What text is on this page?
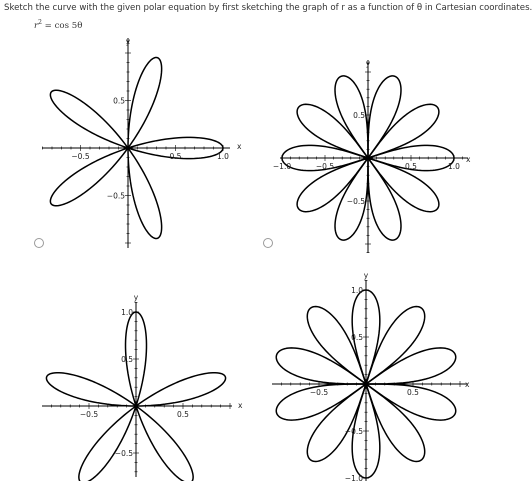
Sketch the curve with the given polar equation by first sketching the graph of r as a function of θ in Cartesian coordinates.
$r^2 = \cos 5\theta$
−0.5	0.5	1.0
0.5
−0.5
y
x
−1.0	−0.5	0.5	1.0
0.5
−0.5
y
x
−0.5	0.5
1.0
0.5
−0.5
y
x
−0.5	0.5
1.0
0.5
−0.5
−1.0
y
x
